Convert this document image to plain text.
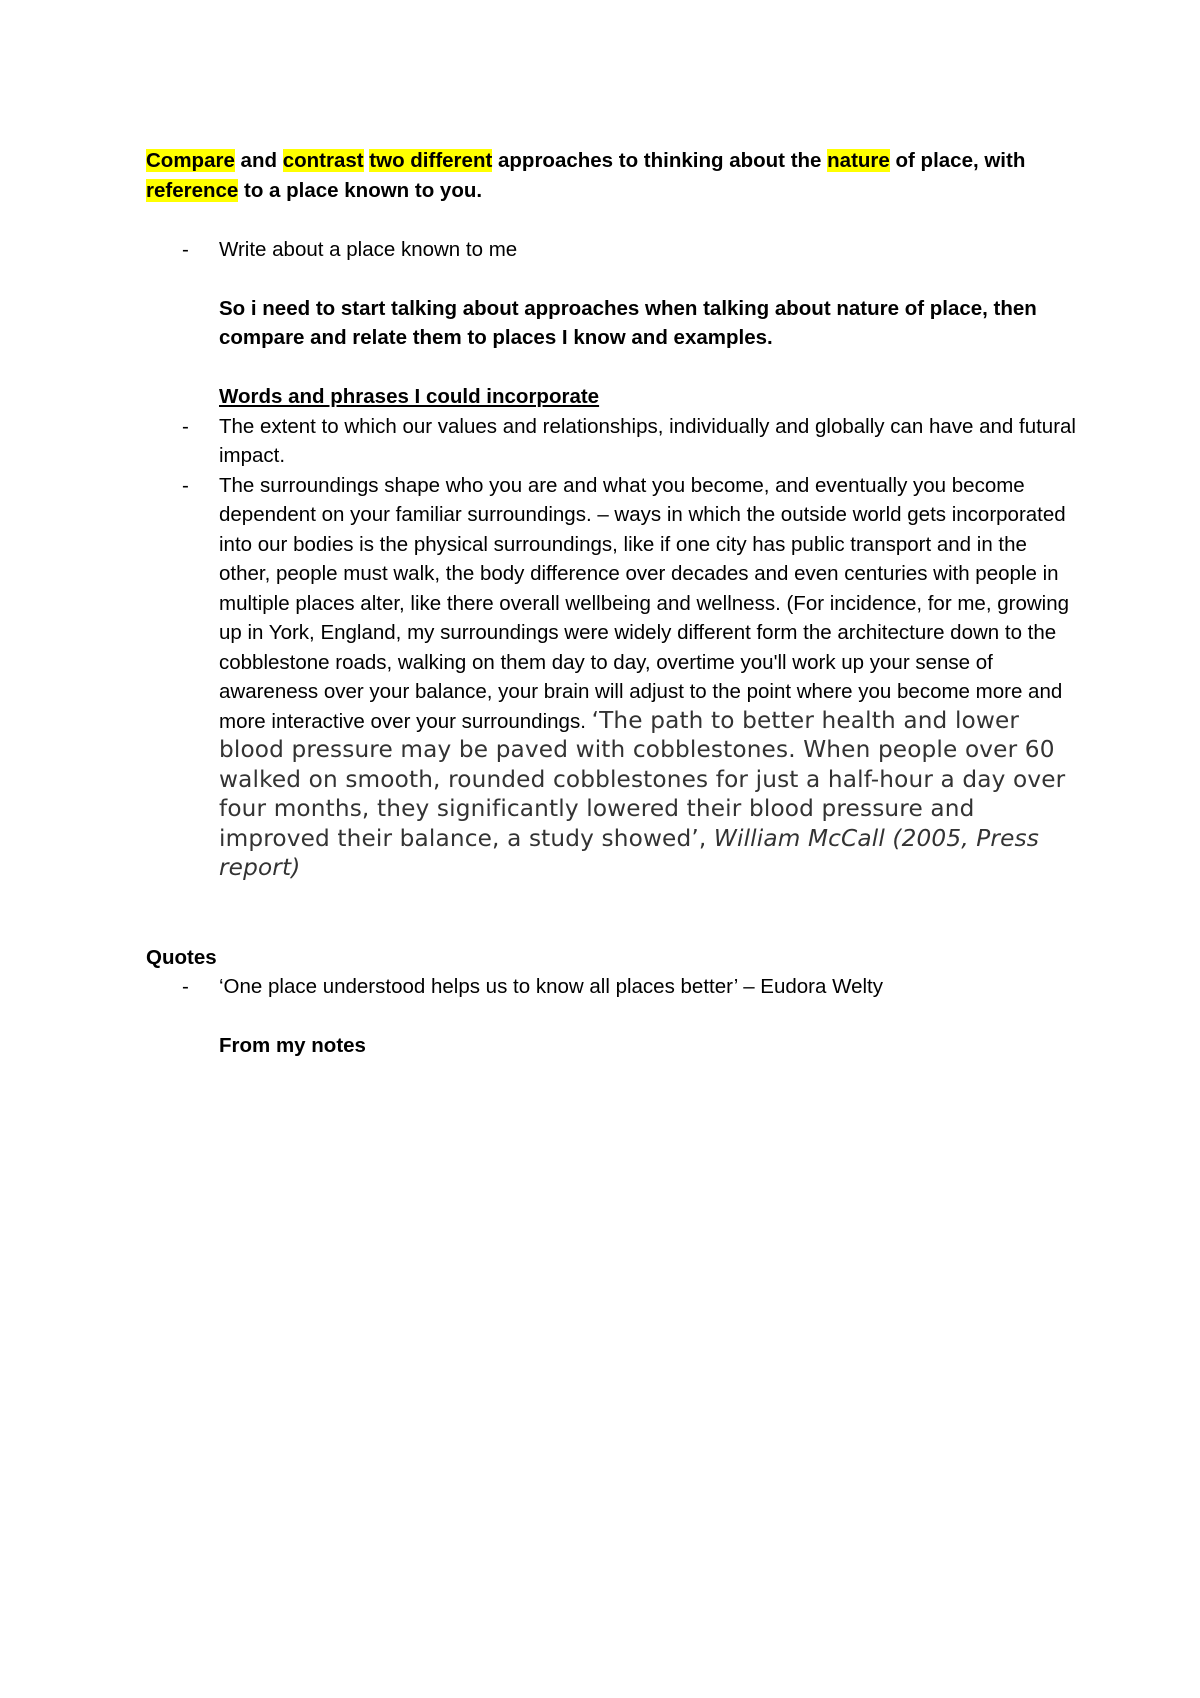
Compare and contrast two different approaches to thinking about the nature of place, with reference to a place known to you.

- Write about a place known to me

So i need to start talking about approaches when talking about nature of place, then compare and relate them to places I know and examples.

Words and phrases I could incorporate

- The extent to which our values and relationships, individually and globally can have and futural impact.
- The surroundings shape who you are and what you become, and eventually you become dependent on your familiar surroundings. – ways in which the outside world gets incorporated into our bodies is the physical surroundings, like if one city has public transport and in the other, people must walk, the body difference over decades and even centuries with people in multiple places alter, like there overall wellbeing and wellness. (For incidence, for me, growing up in York, England, my surroundings were widely different form the architecture down to the cobblestone roads, walking on them day to day, overtime you'll work up your sense of awareness over your balance, your brain will adjust to the point where you become more and more interactive over your surroundings. ‘The path to better health and lower blood pressure may be paved with cobblestones. When people over 60 walked on smooth, rounded cobblestones for just a half-hour a day over four months, they significantly lowered their blood pressure and improved their balance, a study showed’, William McCall (2005, Press report)

Quotes

- ‘One place understood helps us to know all places better’ – Eudora Welty

From my notes
